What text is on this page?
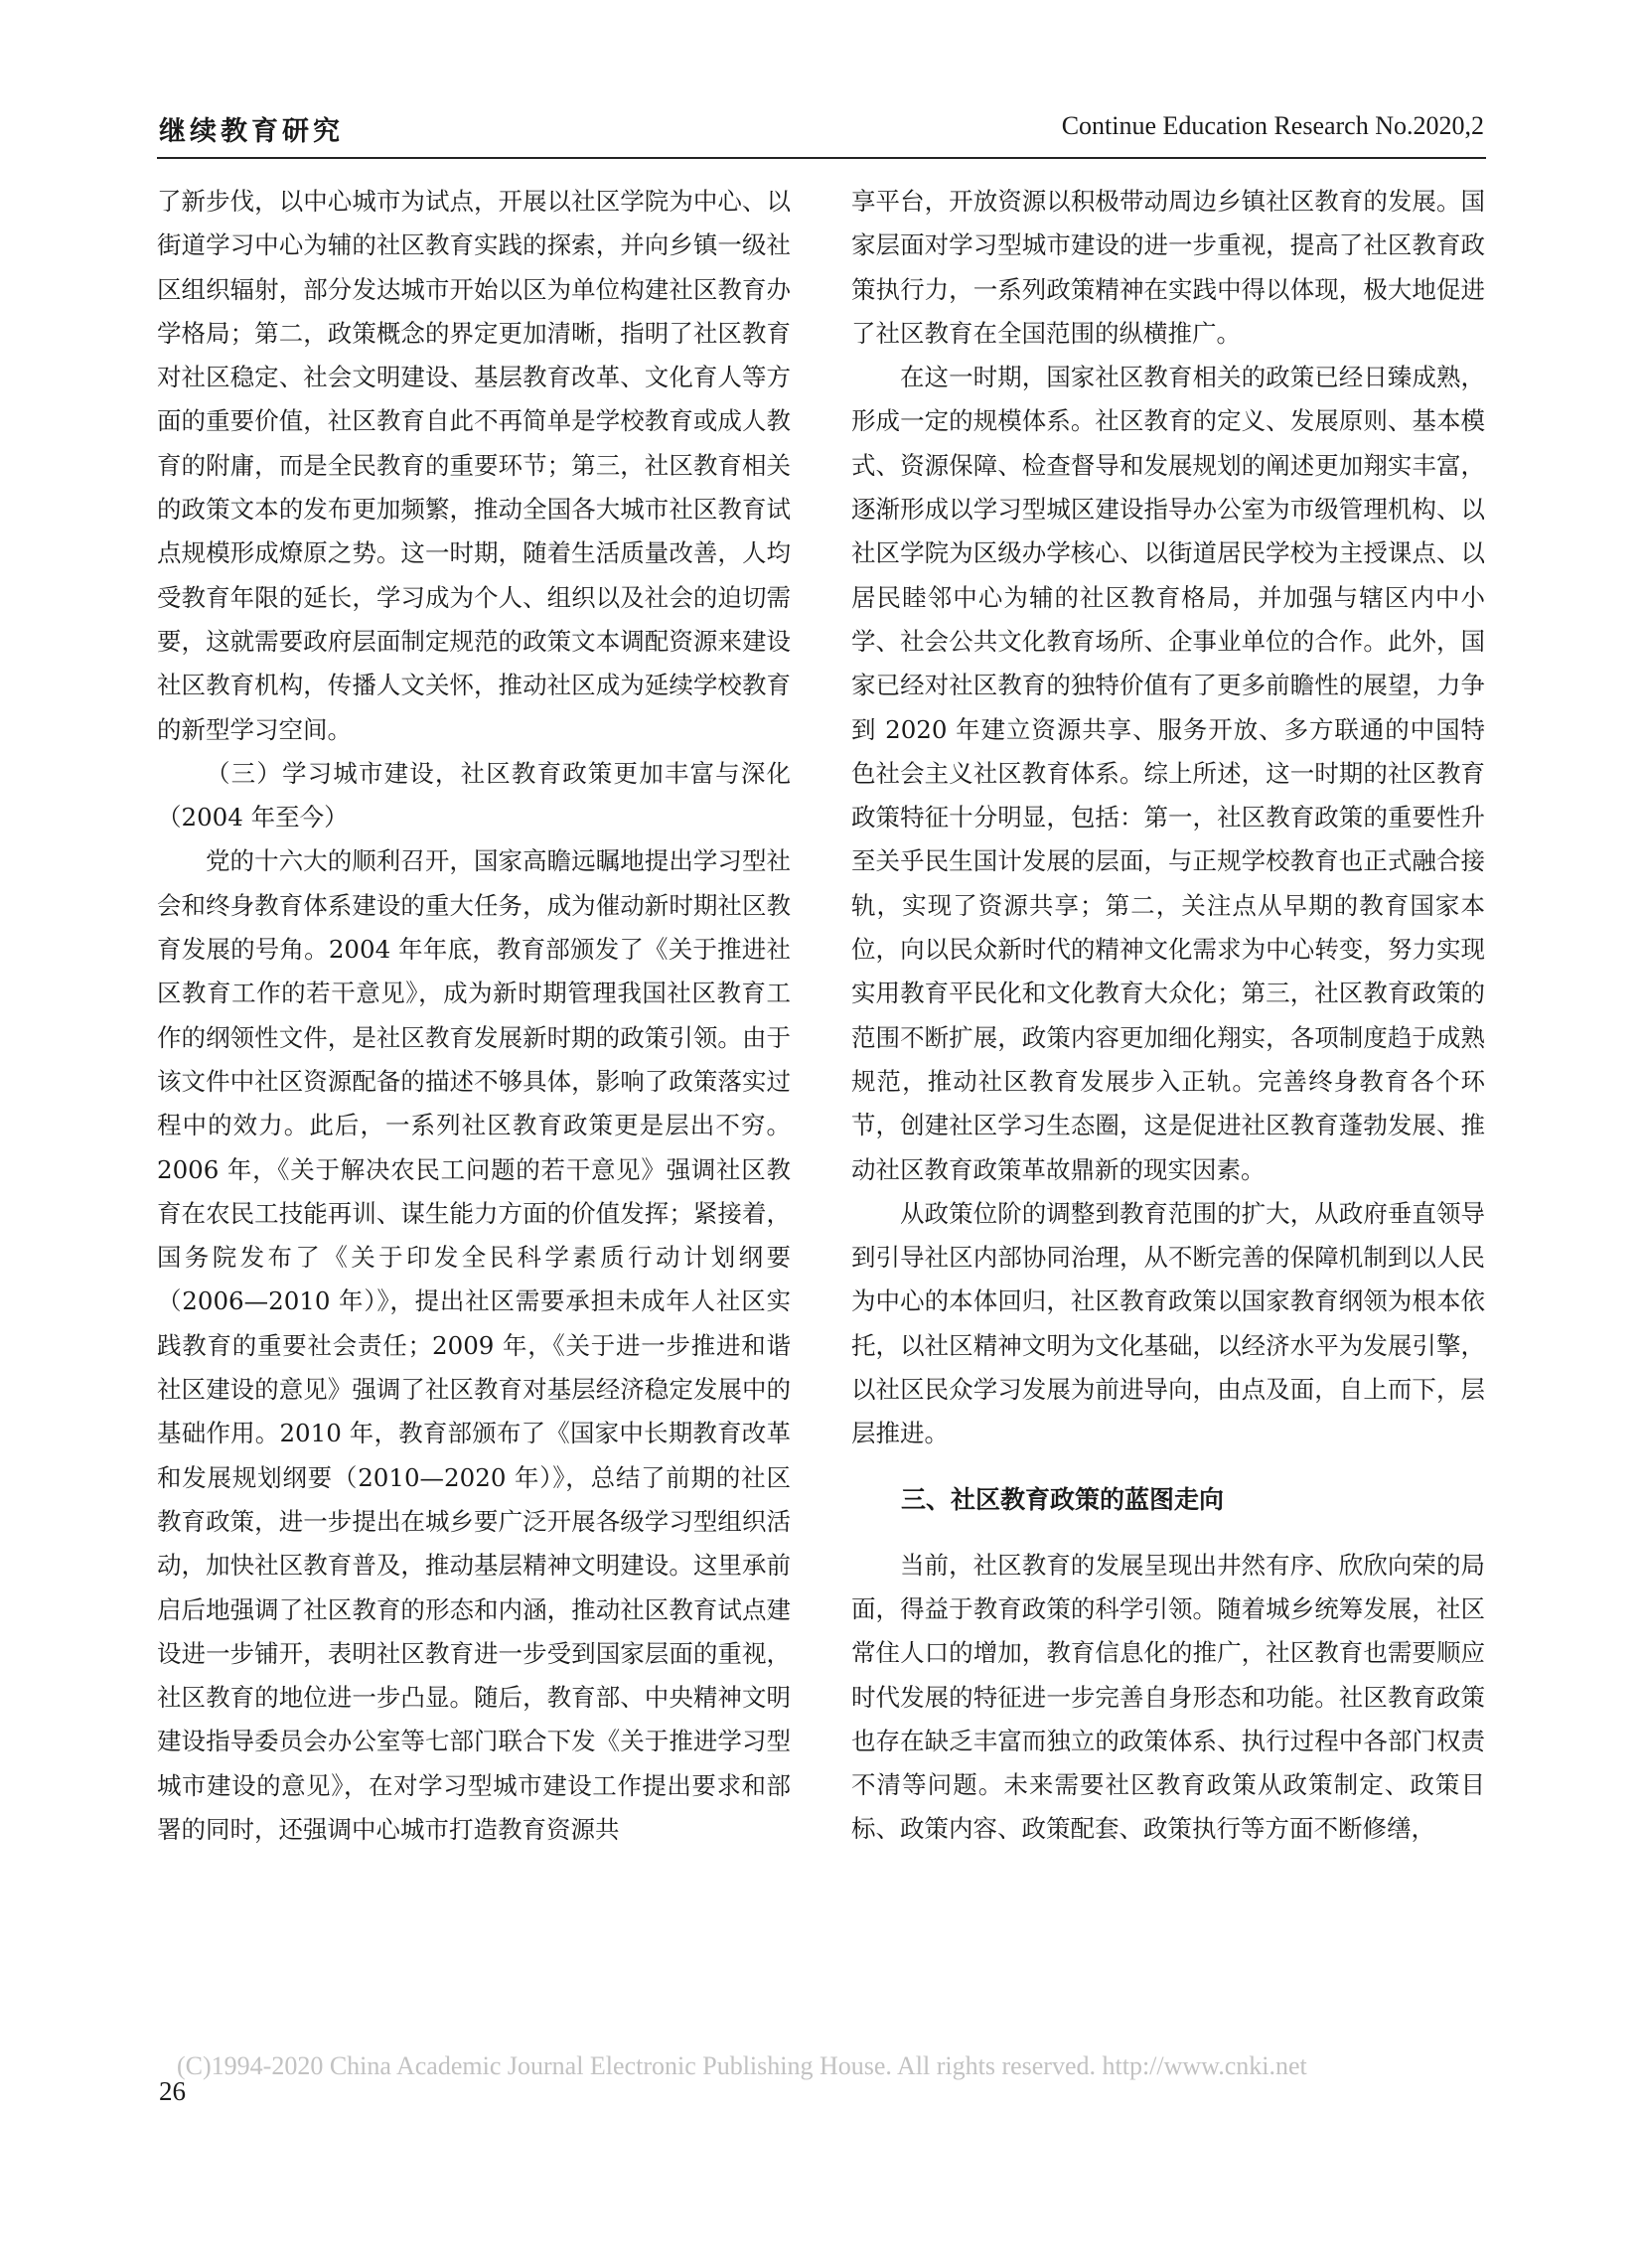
继续教育研究	Continue Education Research No.2020,2

了新步伐，以中心城市为试点，开展以社区学院为中心、以街道学习中心为辅的社区教育实践的探索，并向乡镇一级社区组织辐射，部分发达城市开始以区为单位构建社区教育办学格局；第二，政策概念的界定更加清晰，指明了社区教育对社区稳定、社会文明建设、基层教育改革、文化育人等方面的重要价值，社区教育自此不再简单是学校教育或成人教育的附庸，而是全民教育的重要环节；第三，社区教育相关的政策文本的发布更加频繁，推动全国各大城市社区教育试点规模形成燎原之势。这一时期，随着生活质量改善，人均受教育年限的延长，学习成为个人、组织以及社会的迫切需要，这就需要政府层面制定规范的政策文本调配资源来建设社区教育机构，传播人文关怀，推动社区成为延续学校教育的新型学习空间。

（三）学习城市建设，社区教育政策更加丰富与深化（2004 年至今）

党的十六大的顺利召开，国家高瞻远瞩地提出学习型社会和终身教育体系建设的重大任务，成为催动新时期社区教育发展的号角。2004 年年底，教育部颁发了《关于推进社区教育工作的若干意见》，成为新时期管理我国社区教育工作的纲领性文件，是社区教育发展新时期的政策引领。由于该文件中社区资源配备的描述不够具体，影响了政策落实过程中的效力。此后，一系列社区教育政策更是层出不穷。2006 年，《关于解决农民工问题的若干意见》强调社区教育在农民工技能再训、谋生能力方面的价值发挥；紧接着，国务院发布了《关于印发全民科学素质行动计划纲要（2006—2010 年）》，提出社区需要承担未成年人社区实践教育的重要社会责任；2009 年，《关于进一步推进和谐社区建设的意见》强调了社区教育对基层经济稳定发展中的基础作用。2010 年，教育部颁布了《国家中长期教育改革和发展规划纲要（2010—2020 年）》，总结了前期的社区教育政策，进一步提出在城乡要广泛开展各级学习型组织活动，加快社区教育普及，推动基层精神文明建设。这里承前启后地强调了社区教育的形态和内涵，推动社区教育试点建设进一步铺开，表明社区教育进一步受到国家层面的重视，社区教育的地位进一步凸显。随后，教育部、中央精神文明建设指导委员会办公室等七部门联合下发《关于推进学习型城市建设的意见》，在对学习型城市建设工作提出要求和部署的同时，还强调中心城市打造教育资源共

享平台，开放资源以积极带动周边乡镇社区教育的发展。国家层面对学习型城市建设的进一步重视，提高了社区教育政策执行力，一系列政策精神在实践中得以体现，极大地促进了社区教育在全国范围的纵横推广。

在这一时期，国家社区教育相关的政策已经日臻成熟，形成一定的规模体系。社区教育的定义、发展原则、基本模式、资源保障、检查督导和发展规划的阐述更加翔实丰富，逐渐形成以学习型城区建设指导办公室为市级管理机构、以社区学院为区级办学核心、以街道居民学校为主授课点、以居民睦邻中心为辅的社区教育格局，并加强与辖区内中小学、社会公共文化教育场所、企事业单位的合作。此外，国家已经对社区教育的独特价值有了更多前瞻性的展望，力争到 2020 年建立资源共享、服务开放、多方联通的中国特色社会主义社区教育体系。综上所述，这一时期的社区教育政策特征十分明显，包括：第一，社区教育政策的重要性升至关乎民生国计发展的层面，与正规学校教育也正式融合接轨，实现了资源共享；第二，关注点从早期的教育国家本位，向以民众新时代的精神文化需求为中心转变，努力实现实用教育平民化和文化教育大众化；第三，社区教育政策的范围不断扩展，政策内容更加细化翔实，各项制度趋于成熟规范，推动社区教育发展步入正轨。完善终身教育各个环节，创建社区学习生态圈，这是促进社区教育蓬勃发展、推动社区教育政策革故鼎新的现实因素。

从政策位阶的调整到教育范围的扩大，从政府垂直领导到引导社区内部协同治理，从不断完善的保障机制到以人民为中心的本体回归，社区教育政策以国家教育纲领为根本依托，以社区精神文明为文化基础，以经济水平为发展引擎，以社区民众学习发展为前进导向，由点及面，自上而下，层层推进。

三、社区教育政策的蓝图走向

当前，社区教育的发展呈现出井然有序、欣欣向荣的局面，得益于教育政策的科学引领。随着城乡统筹发展，社区常住人口的增加，教育信息化的推广，社区教育也需要顺应时代发展的特征进一步完善自身形态和功能。社区教育政策也存在缺乏丰富而独立的政策体系、执行过程中各部门权责不清等问题。未来需要社区教育政策从政策制定、政策目标、政策内容、政策配套、政策执行等方面不断修缮，

(C)1994-2020 China Academic Journal Electronic Publishing House. All rights reserved. http://www.cnki.net
26
